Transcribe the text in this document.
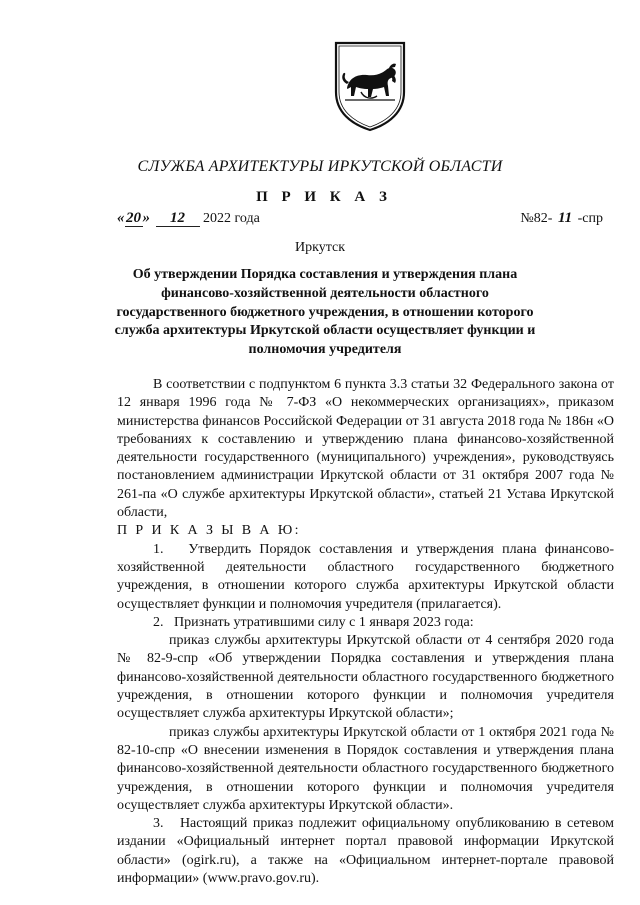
СЛУЖБА АРХИТЕКТУРЫ ИРКУТСКОЙ ОБЛАСТИ
П Р И К А З
« 20 » 12 2022 года	№82- 11 -спр
Иркутск
Об утверждении Порядка составления и утверждения плана финансово-хозяйственной деятельности областного государственного бюджетного учреждения, в отношении которого служба архитектуры Иркутской области осуществляет функции и полномочия учредителя

В соответствии с подпунктом 6 пункта 3.3 статьи 32 Федерального закона от 12 января 1996 года № 7-ФЗ «О некоммерческих организациях», приказом министерства финансов Российской Федерации от 31 августа 2018 года № 186н «О требованиях к составлению и утверждению плана финансово-хозяйственной деятельности государственного (муниципального) учреждения», руководствуясь постановлением администрации Иркутской области от 31 октября 2007 года № 261-па «О службе архитектуры Иркутской области», статьей 21 Устава Иркутской области,

П Р И К А З Ы В А Ю:

1.   Утвердить Порядок составления и утверждения плана финансово-хозяйственной деятельности областного государственного бюджетного учреждения, в отношении которого служба архитектуры Иркутской области осуществляет функции и полномочия учредителя (прилагается).

2.   Признать утратившими силу с 1 января 2023 года:

приказ службы архитектуры Иркутской области от 4 сентября 2020 года № 82-9-спр «Об утверждении Порядка составления и утверждения плана финансово-хозяйственной деятельности областного государственного бюджетного учреждения, в отношении которого функции и полномочия учредителя осуществляет служба архитектуры Иркутской области»;

приказ службы архитектуры Иркутской области от 1 октября 2021 года № 82-10-спр «О внесении изменения в Порядок составления и утверждения плана финансово-хозяйственной деятельности областного государственного бюджетного учреждения, в отношении которого функции и полномочия учредителя осуществляет служба архитектуры Иркутской области».

3.   Настоящий приказ подлежит официальному опубликованию в сетевом издании «Официальный интернет портал правовой информации Иркутской области» (ogirk.ru), а также на «Официальном интернет-портале правовой информации» (www.pravo.gov.ru).
